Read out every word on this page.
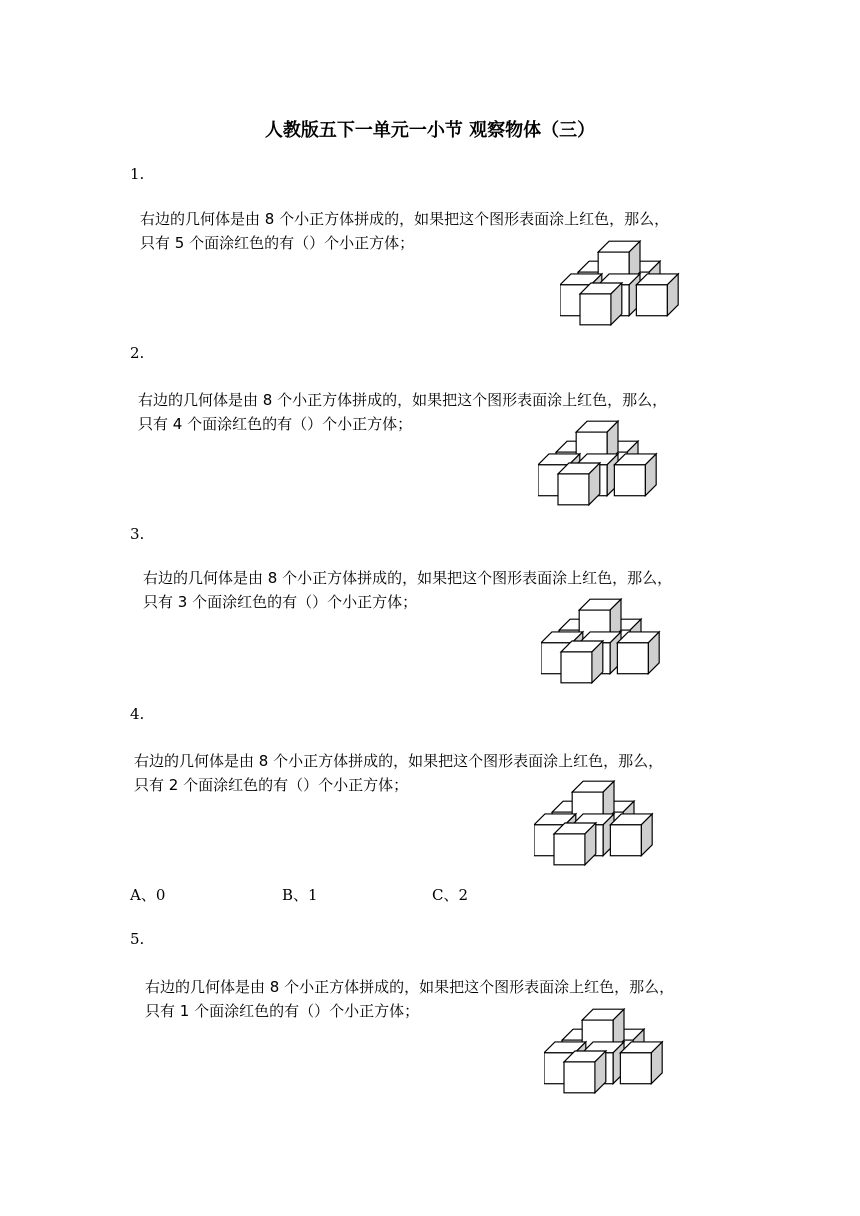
人教版五下一单元一小节 观察物体（三）
1.
右边的几何体是由 8 个小正方体拼成的，如果把这个图形表面涂上红色，那么，
只有 5 个面涂红色的有（）个小正方体；
2.
右边的几何体是由 8 个小正方体拼成的，如果把这个图形表面涂上红色，那么，
只有 4 个面涂红色的有（）个小正方体；
3.
右边的几何体是由 8 个小正方体拼成的，如果把这个图形表面涂上红色，那么，
只有 3 个面涂红色的有（）个小正方体；
4.
右边的几何体是由 8 个小正方体拼成的，如果把这个图形表面涂上红色，那么，
只有 2 个面涂红色的有（）个小正方体；
A、0	B、1	C、2
5.
右边的几何体是由 8 个小正方体拼成的，如果把这个图形表面涂上红色，那么，
只有 1 个面涂红色的有（）个小正方体；
